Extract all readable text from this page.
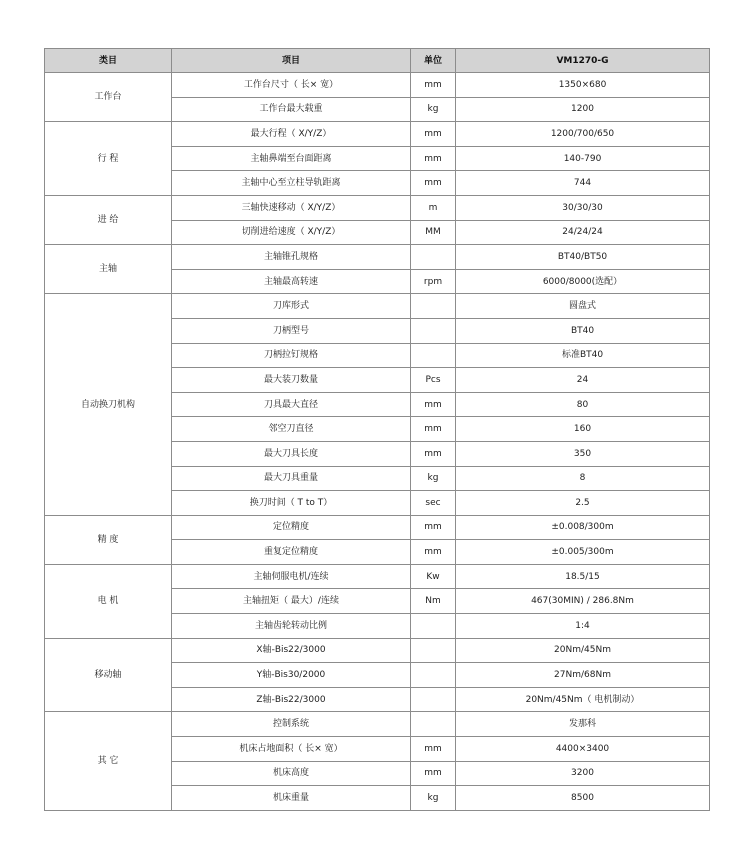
类目	项目	单位	VM1270-G
工作台	工作台尺寸（ 长× 宽）	mm	1350×680
	工作台最大载重	kg	1200
行 程	最大行程（ X/Y/Z）	mm	1200/700/650
	主轴鼻端至台面距离	mm	140-790
	主轴中心至立柱导轨距离	mm	744
进 给	三轴快速移动（ X/Y/Z）	m	30/30/30
	切削进给速度（ X/Y/Z）	MM	24/24/24
主轴	主轴锥孔规格		BT40/BT50
	主轴最高转速	rpm	6000/8000(选配）
自动换刀机构	刀库形式		圆盘式
	刀柄型号		BT40
	刀柄拉钉规格		标准BT40
	最大装刀数量	Pcs	24
	刀具最大直径	mm	80
	邻空刀直径	mm	160
	最大刀具长度	mm	350
	最大刀具重量	kg	8
	换刀时间（ T to T）	sec	2.5
精 度	定位精度	mm	±0.008/300m
	重复定位精度	mm	±0.005/300m
电 机	主轴伺服电机/连续	Kw	18.5/15
	主轴扭矩（ 最大）/连续	Nm	467(30MIN) / 286.8Nm
	主轴齿轮转动比例		1:4
移动轴	X轴-Bis22/3000		20Nm/45Nm
	Y轴-Bis30/2000		27Nm/68Nm
	Z轴-Bis22/3000		20Nm/45Nm（ 电机制动）
其 它	控制系统		发那科
	机床占地面积（ 长× 宽）	mm	4400×3400
	机床高度	mm	3200
	机床重量	kg	8500
